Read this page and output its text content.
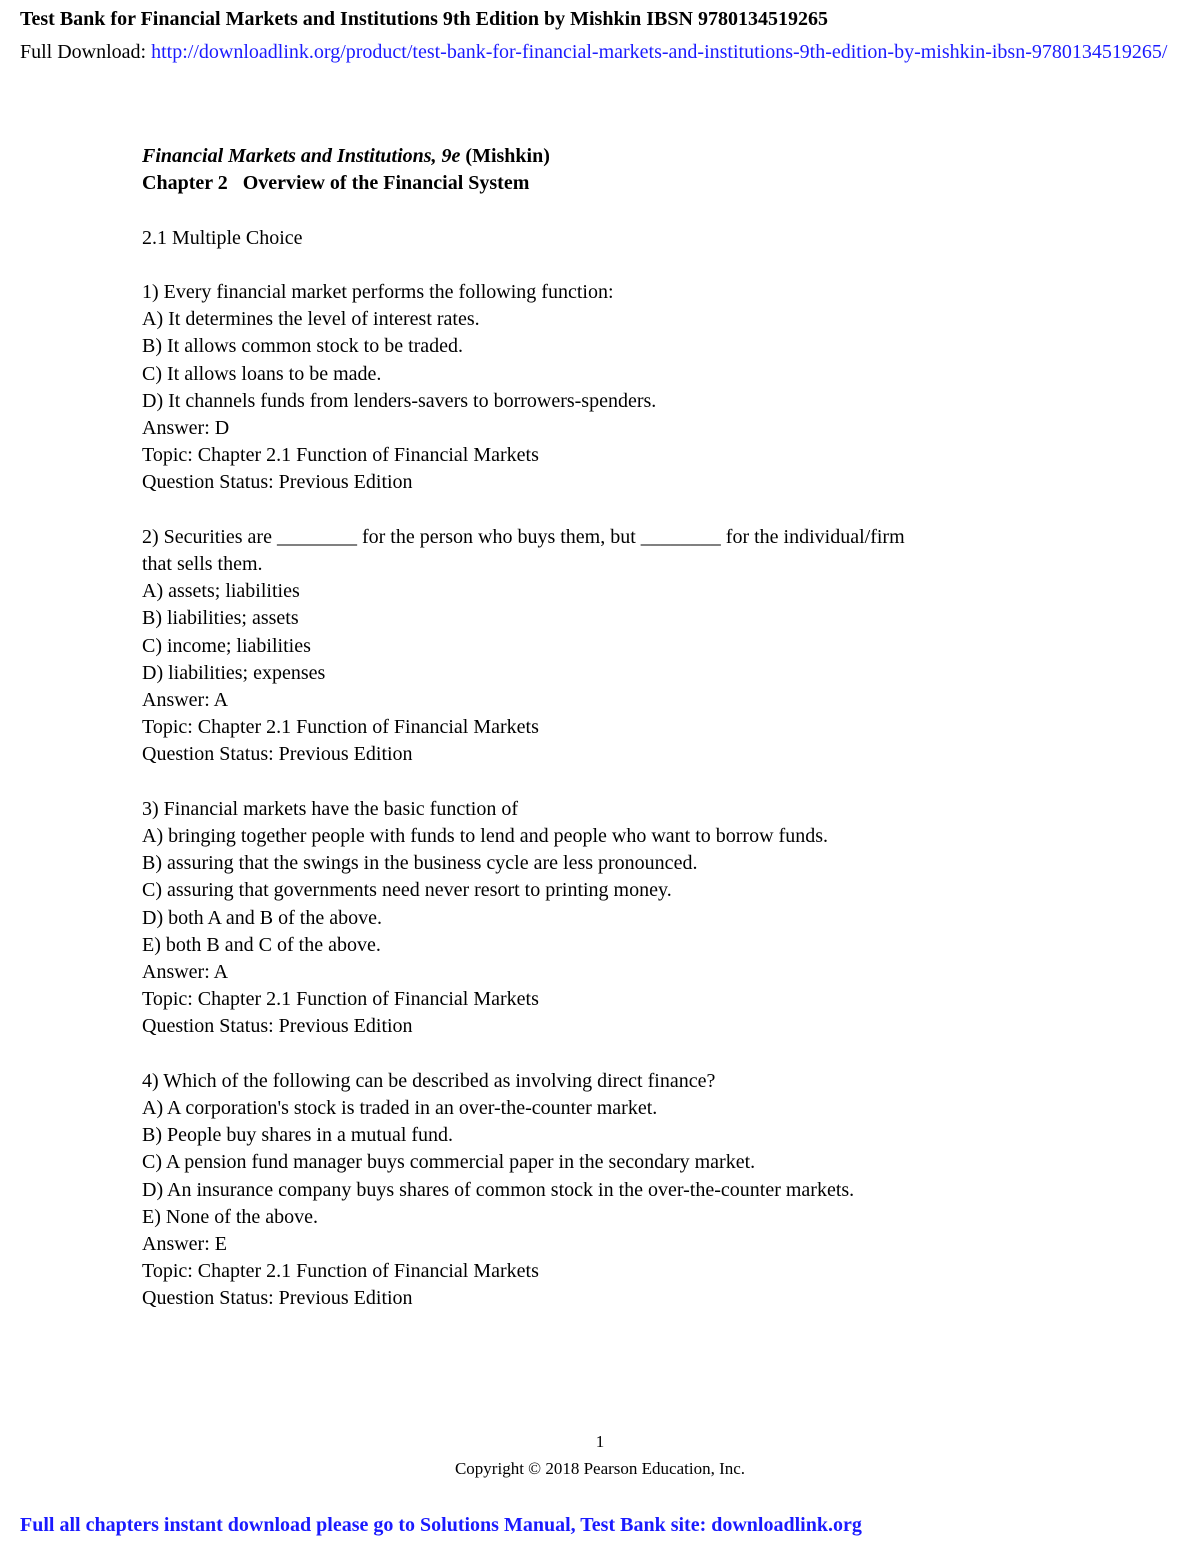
Test Bank for Financial Markets and Institutions 9th Edition by Mishkin IBSN 9780134519265
Full Download: http://downloadlink.org/product/test-bank-for-financial-markets-and-institutions-9th-edition-by-mishkin-ibsn-9780134519265/
Financial Markets and Institutions, 9e (Mishkin)
Chapter 2   Overview of the Financial System
2.1 Multiple Choice
1) Every financial market performs the following function:
A) It determines the level of interest rates.
B) It allows common stock to be traded.
C) It allows loans to be made.
D) It channels funds from lenders-savers to borrowers-spenders.
Answer: D
Topic: Chapter 2.1 Function of Financial Markets
Question Status: Previous Edition
2) Securities are ________ for the person who buys them, but ________ for the individual/firm
that sells them.
A) assets; liabilities
B) liabilities; assets
C) income; liabilities
D) liabilities; expenses
Answer: A
Topic: Chapter 2.1 Function of Financial Markets
Question Status: Previous Edition
3) Financial markets have the basic function of
A) bringing together people with funds to lend and people who want to borrow funds.
B) assuring that the swings in the business cycle are less pronounced.
C) assuring that governments need never resort to printing money.
D) both A and B of the above.
E) both B and C of the above.
Answer: A
Topic: Chapter 2.1 Function of Financial Markets
Question Status: Previous Edition
4) Which of the following can be described as involving direct finance?
A) A corporation's stock is traded in an over-the-counter market.
B) People buy shares in a mutual fund.
C) A pension fund manager buys commercial paper in the secondary market.
D) An insurance company buys shares of common stock in the over-the-counter markets.
E) None of the above.
Answer: E
Topic: Chapter 2.1 Function of Financial Markets
Question Status: Previous Edition
1
Copyright © 2018 Pearson Education, Inc.
Full all chapters instant download please go to Solutions Manual, Test Bank site: downloadlink.org
